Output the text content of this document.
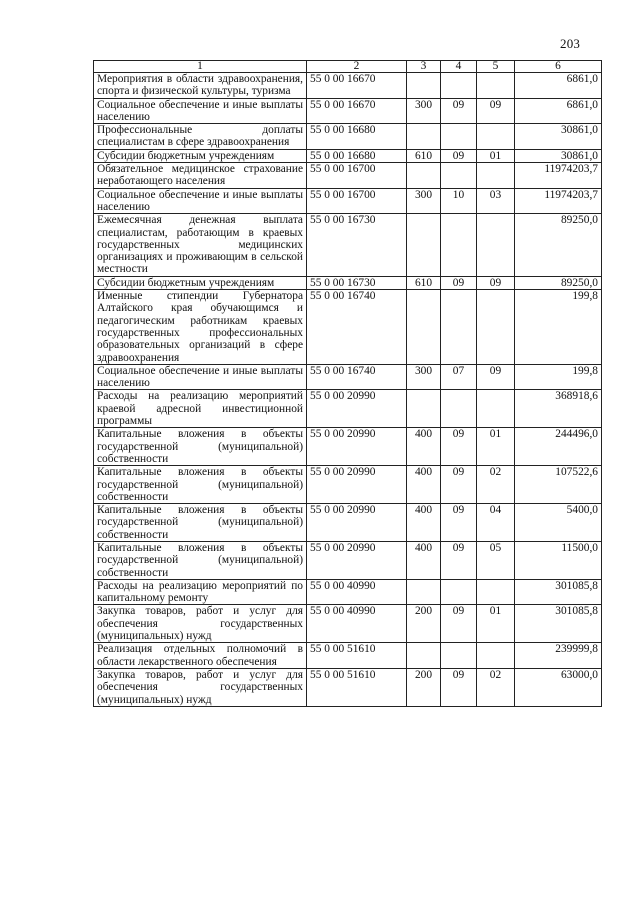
203
1	2	3	4	5	6
Мероприятия в области здравоохранения, спорта и физической культуры, туризма	55 0 00 16670				6861,0
Социальное обеспечение и иные выплаты населению	55 0 00 16670	300	09	09	6861,0
Профессиональные доплаты специалистам в сфере здравоохранения	55 0 00 16680				30861,0
Субсидии бюджетным учреждениям	55 0 00 16680	610	09	01	30861,0
Обязательное медицинское страхование неработающего населения	55 0 00 16700				11974203,7
Социальное обеспечение и иные выплаты населению	55 0 00 16700	300	10	03	11974203,7
Ежемесячная денежная выплата специалистам, работающим в краевых государственных медицинских организациях и проживающим в сельской местности	55 0 00 16730				89250,0
Субсидии бюджетным учреждениям	55 0 00 16730	610	09	09	89250,0
Именные стипендии Губернатора Алтайского края обучающимся и педагогическим работникам краевых государственных профессиональных образовательных организаций в сфере здравоохранения	55 0 00 16740				199,8
Социальное обеспечение и иные выплаты населению	55 0 00 16740	300	07	09	199,8
Расходы на реализацию мероприятий краевой адресной инвестиционной программы	55 0 00 20990				368918,6
Капитальные вложения в объекты государственной (муниципальной) собственности	55 0 00 20990	400	09	01	244496,0
Капитальные вложения в объекты государственной (муниципальной) собственности	55 0 00 20990	400	09	02	107522,6
Капитальные вложения в объекты государственной (муниципальной) собственности	55 0 00 20990	400	09	04	5400,0
Капитальные вложения в объекты государственной (муниципальной) собственности	55 0 00 20990	400	09	05	11500,0
Расходы на реализацию мероприятий по капитальному ремонту	55 0 00 40990				301085,8
Закупка товаров, работ и услуг для обеспечения государственных (муниципальных) нужд	55 0 00 40990	200	09	01	301085,8
Реализация отдельных полномочий в области лекарственного обеспечения	55 0 00 51610				239999,8
Закупка товаров, работ и услуг для обеспечения государственных (муниципальных) нужд	55 0 00 51610	200	09	02	63000,0
